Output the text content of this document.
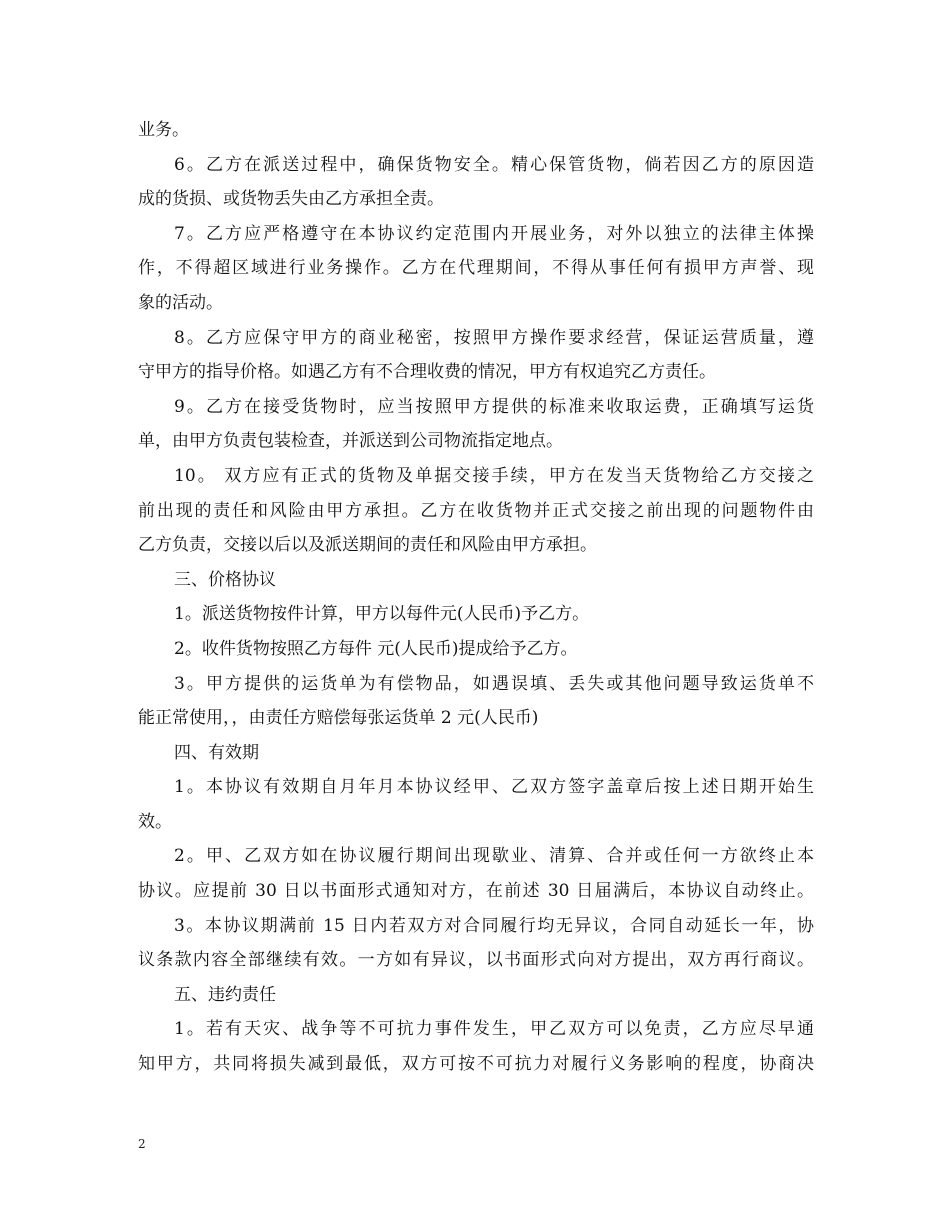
业务。
6。乙方在派送过程中，确保货物安全。精心保管货物，倘若因乙方的原因造
成的货损、或货物丢失由乙方承担全责。
7。乙方应严格遵守在本协议约定范围内开展业务，对外以独立的法律主体操
作，不得超区域进行业务操作。乙方在代理期间，不得从事任何有损甲方声誉、现
象的活动。
8。乙方应保守甲方的商业秘密，按照甲方操作要求经营，保证运营质量，遵
守甲方的指导价格。如遇乙方有不合理收费的情况，甲方有权追究乙方责任。
9。乙方在接受货物时，应当按照甲方提供的标准来收取运费，正确填写运货
单，由甲方负责包装检查，并派送到公司物流指定地点。
10。 双方应有正式的货物及单据交接手续，甲方在发当天货物给乙方交接之
前出现的责任和风险由甲方承担。乙方在收货物并正式交接之前出现的问题物件由
乙方负责，交接以后以及派送期间的责任和风险由甲方承担。
三、价格协议
1。派送货物按件计算，甲方以每件元(人民币)予乙方。
2。收件货物按照乙方每件 元(人民币)提成给予乙方。
3。甲方提供的运货单为有偿物品，如遇误填、丢失或其他问题导致运货单不
能正常使用，，由责任方赔偿每张运货单 2 元(人民币)
四、有效期
1。本协议有效期自月年月本协议经甲、乙双方签字盖章后按上述日期开始生
效。
2。甲、乙双方如在协议履行期间出现歇业、清算、合并或任何一方欲终止本
协议。应提前 30 日以书面形式通知对方，在前述 30 日届满后，本协议自动终止。
3。本协议期满前 15 日内若双方对合同履行均无异议，合同自动延长一年，协
议条款内容全部继续有效。一方如有异议，以书面形式向对方提出，双方再行商议。
五、违约责任
1。若有天灾、战争等不可抗力事件发生，甲乙双方可以免责，乙方应尽早通
知甲方，共同将损失减到最低，双方可按不可抗力对履行义务影响的程度，协商决
2
